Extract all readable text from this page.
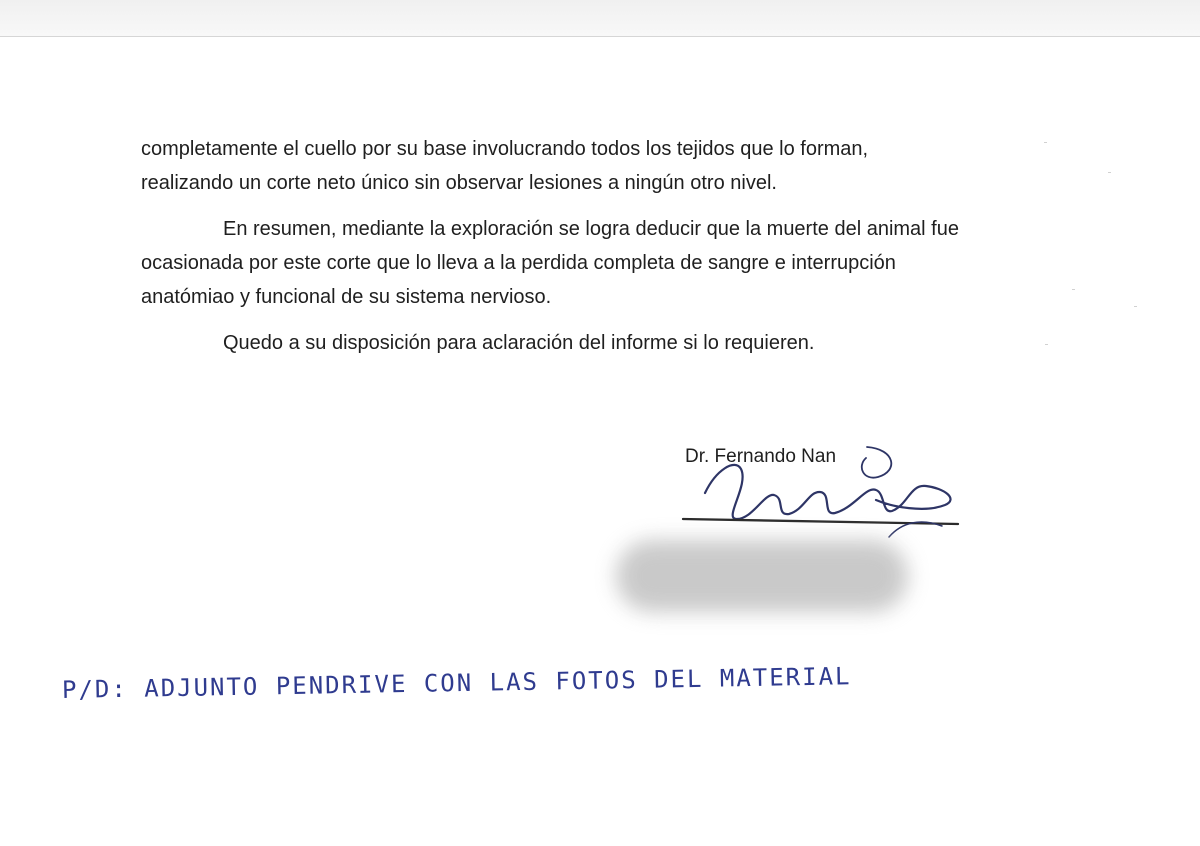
completamente el cuello por su base involucrando todos los tejidos que lo forman,
realizando un corte neto único sin observar lesiones a ningún otro nivel.
En resumen, mediante la exploración se logra deducir que la muerte del animal fue
ocasionada por este corte que lo lleva a la perdida completa de sangre e interrupción
anatómiao y funcional de su sistema nervioso.
Quedo a su disposición para aclaración del informe si lo requieren.
Dr. Fernando Nan
P/D: ADJUNTO PENDRIVE CON LAS FOTOS DEL MATERIAL
